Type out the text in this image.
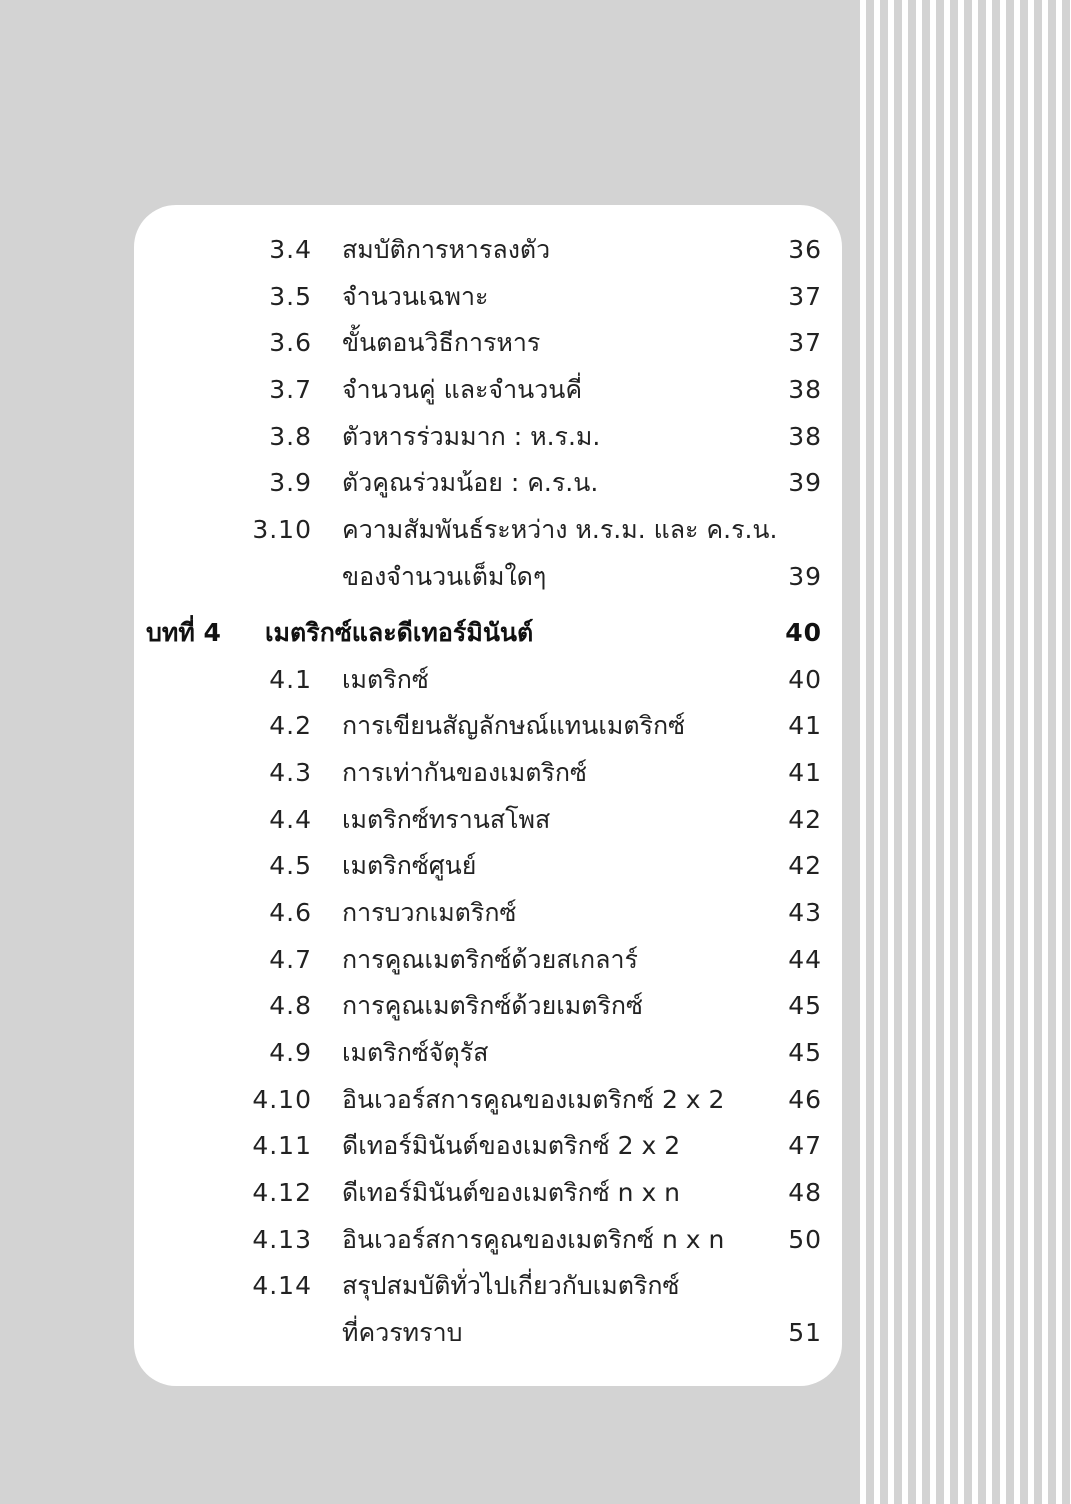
3.4 สมบัติการหารลงตัว	36
3.5 จำนวนเฉพาะ	37
3.6 ขั้นตอนวิธีการหาร	37
3.7 จำนวนคู่ และจำนวนคี่	38
3.8 ตัวหารร่วมมาก : ห.ร.ม.	38
3.9 ตัวคูณร่วมน้อย : ค.ร.น.	39
3.10 ความสัมพันธ์ระหว่าง ห.ร.ม. และ ค.ร.น.
ของจำนวนเต็มใดๆ	39
บทที่ 4 เมตริกซ์และดีเทอร์มินันต์	40
4.1 เมตริกซ์	40
4.2 การเขียนสัญลักษณ์แทนเมตริกซ์	41
4.3 การเท่ากันของเมตริกซ์	41
4.4 เมตริกซ์ทรานสโพส	42
4.5 เมตริกซ์ศูนย์	42
4.6 การบวกเมตริกซ์	43
4.7 การคูณเมตริกซ์ด้วยสเกลาร์	44
4.8 การคูณเมตริกซ์ด้วยเมตริกซ์	45
4.9 เมตริกซ์จัตุรัส	45
4.10 อินเวอร์สการคูณของเมตริกซ์ 2 x 2	46
4.11 ดีเทอร์มินันต์ของเมตริกซ์ 2 x 2	47
4.12 ดีเทอร์มินันต์ของเมตริกซ์ n x n	48
4.13 อินเวอร์สการคูณของเมตริกซ์ n x n	50
4.14 สรุปสมบัติทั่วไปเกี่ยวกับเมตริกซ์
ที่ควรทราบ	51
